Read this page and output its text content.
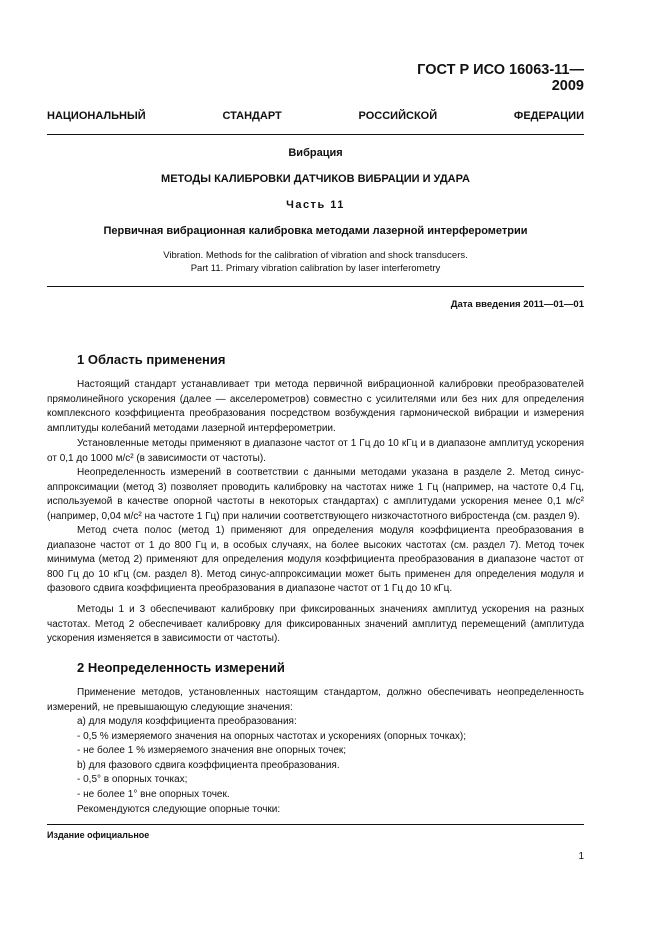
ГОСТ Р ИСО 16063-11—2009
НАЦИОНАЛЬНЫЙ СТАНДАРТ РОССИЙСКОЙ ФЕДЕРАЦИИ
Вибрация
МЕТОДЫ КАЛИБРОВКИ ДАТЧИКОВ ВИБРАЦИИ И УДАРА
Часть 11
Первичная вибрационная калибровка методами лазерной интерферометрии
Vibration. Methods for the calibration of vibration and shock transducers.
Part 11. Primary vibration calibration by laser interferometry
Дата введения 2011—01—01
1 Область применения

Настоящий стандарт устанавливает три метода первичной вибрационной калибровки преобразователей прямолинейного ускорения (далее — акселерометров) совместно с усилителями или без них для определения комплексного коэффициента преобразования посредством возбуждения гармонической вибрации и измерения амплитуды колебаний методами лазерной интерферометрии.

Установленные методы применяют в диапазоне частот от 1 Гц до 10 кГц и в диапазоне амплитуд ускорения от 0,1 до 1000 м/с² (в зависимости от частоты).

Неопределенность измерений в соответствии с данными методами указана в разделе 2. Метод синус-аппроксимации (метод 3) позволяет проводить калибровку на частотах ниже 1 Гц (например, на частоте 0,4 Гц, используемой в качестве опорной частоты в некоторых стандартах) с амплитудами ускорения менее 0,1 м/с² (например, 0,04 м/с² на частоте 1 Гц) при наличии соответствующего низкочастотного вибростенда (см. раздел 9).

Метод счета полос (метод 1) применяют для определения модуля коэффициента преобразования в диапазоне частот от 1 до 800 Гц и, в особых случаях, на более высоких частотах (см. раздел 7). Метод точек минимума (метод 2) применяют для определения модуля коэффициента преобразования в диапазоне частот от 800 Гц до 10 кГц (см. раздел 8). Метод синус-аппроксимации может быть применен для определения модуля и фазового сдвига коэффициента преобразования в диапазоне частот от 1 Гц до 10 кГц.

Методы 1 и 3 обеспечивают калибровку при фиксированных значениях амплитуд ускорения на разных частотах. Метод 2 обеспечивает калибровку для фиксированных значений амплитуд перемещений (амплитуда ускорения изменяется в зависимости от частоты).

2 Неопределенность измерений

Применение методов, установленных настоящим стандартом, должно обеспечивать неопределенность измерений, не превышающую следующие значения:

а) для модуля коэффициента преобразования:
- 0,5 % измеряемого значения на опорных частотах и ускорениях (опорных точках);
- не более 1 % измеряемого значения вне опорных точек;
b) для фазового сдвига коэффициента преобразования.
- 0,5° в опорных точках;
- не более 1° вне опорных точек.
Рекомендуются следующие опорные точки:
Издание официальное
1
